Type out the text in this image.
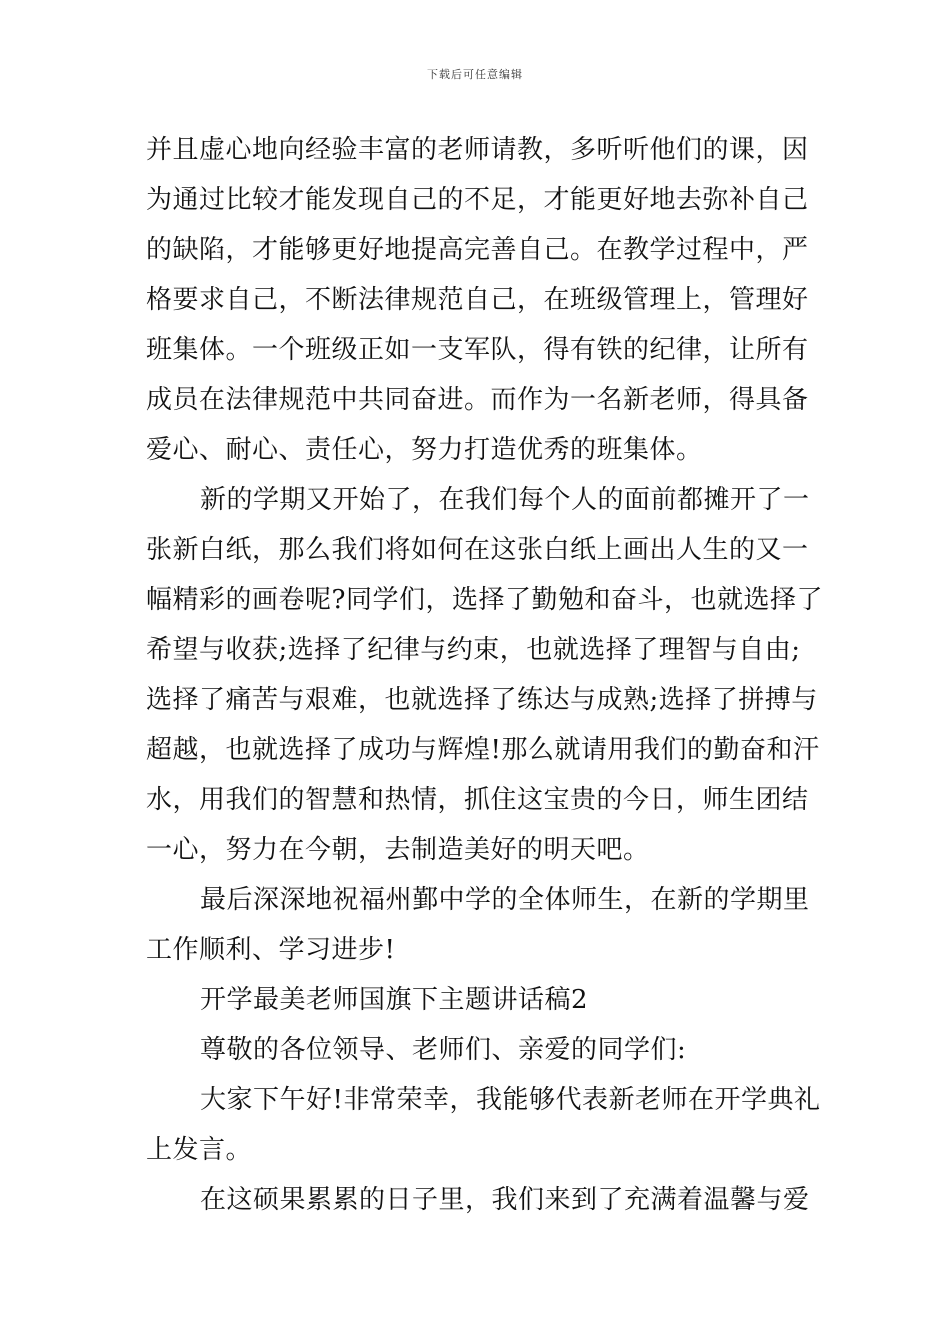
下载后可任意编辑
并且虚心地向经验丰富的老师请教，多听听他们的课，因
为通过比较才能发现自己的不足，才能更好地去弥补自己
的缺陷，才能够更好地提高完善自己。在教学过程中，严
格要求自己，不断法律规范自己，在班级管理上，管理好
班集体。一个班级正如一支军队，得有铁的纪律，让所有
成员在法律规范中共同奋进。而作为一名新老师，得具备
爱心、耐心、责任心，努力打造优秀的班集体。
新的学期又开始了，在我们每个人的面前都摊开了一
张新白纸，那么我们将如何在这张白纸上画出人生的又一
幅精彩的画卷呢?同学们，选择了勤勉和奋斗，也就选择了
希望与收获;选择了纪律与约束，也就选择了理智与自由;
选择了痛苦与艰难，也就选择了练达与成熟;选择了拼搏与
超越，也就选择了成功与辉煌!那么就请用我们的勤奋和汗
水，用我们的智慧和热情，抓住这宝贵的今日，师生团结
一心，努力在今朝，去制造美好的明天吧。
最后深深地祝福州鄞中学的全体师生，在新的学期里
工作顺利、学习进步!
开学最美老师国旗下主题讲话稿2
尊敬的各位领导、老师们、亲爱的同学们:
大家下午好!非常荣幸，我能够代表新老师在开学典礼
上发言。
在这硕果累累的日子里，我们来到了充满着温馨与爱
